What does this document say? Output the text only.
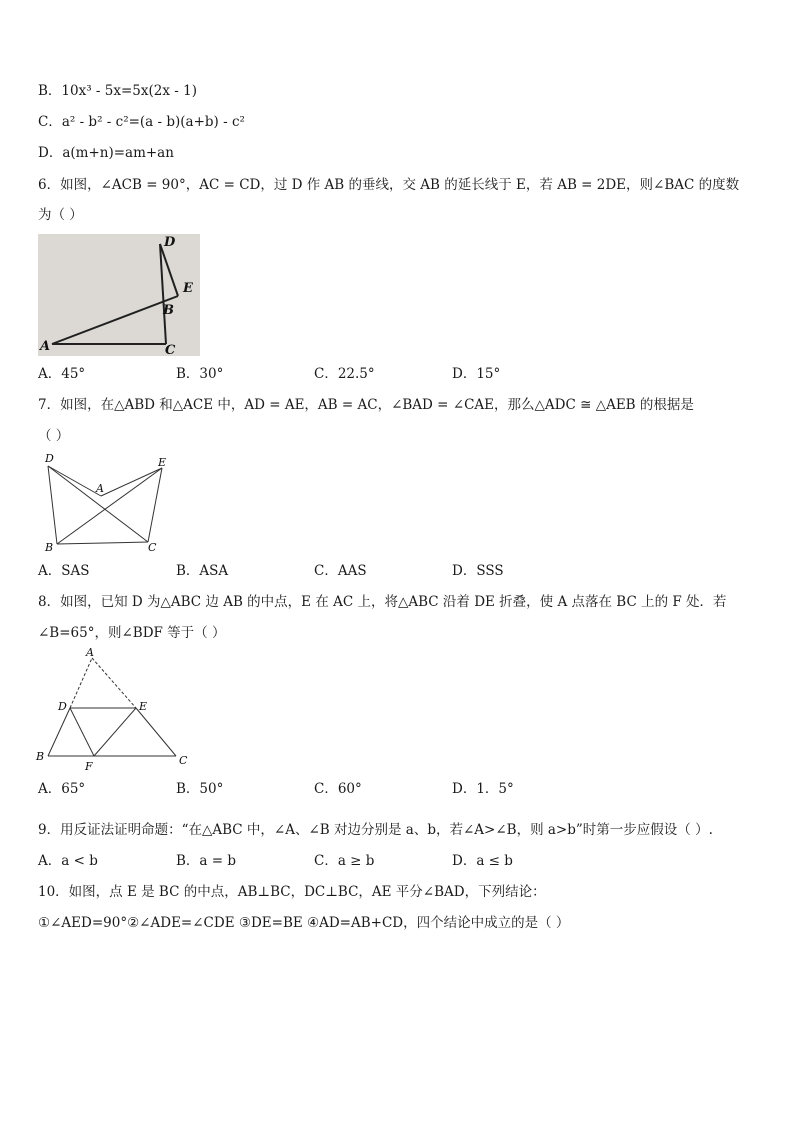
B．10x³ - 5x=5x(2x - 1)
C．a² - b² - c²=(a - b)(a+b) - c²
D．a(m+n)=am+an
6．如图，∠ACB = 90°，AC = CD，过 D 作 AB 的垂线，交 AB 的延长线于 E，若 AB = 2DE，则∠BAC 的度数
为（ ）
D
E
B
A	C
A．45°	B．30°	C．22.5°	D．15°
7．如图，在△ABD 和△ACE 中，AD = AE，AB = AC，∠BAD = ∠CAE，那么△ADC ≅ △AEB 的根据是
（ ）
D	E
A
B	C
A．SAS	B．ASA	C．AAS	D．SSS
8．如图，已知 D 为△ABC 边 AB 的中点，E 在 AC 上，将△ABC 沿着 DE 折叠，使 A 点落在 BC 上的 F 处．若
∠B=65°，则∠BDF 等于（ ）
A
D	E
B
F	C
A．65°	B．50°	C．60°	D．1．5°
9．用反证法证明命题：“在△ABC 中，∠A、∠B 对边分别是 a、b，若∠A>∠B，则 a>b”时第一步应假设（ ）.
A．a < b	B．a = b	C．a ≥ b	D．a ≤ b
10．如图，点 E 是 BC 的中点，AB⊥BC，DC⊥BC，AE 平分∠BAD，下列结论：
①∠AED=90°②∠ADE=∠CDE ③DE=BE ④AD=AB+CD，四个结论中成立的是（ ）
